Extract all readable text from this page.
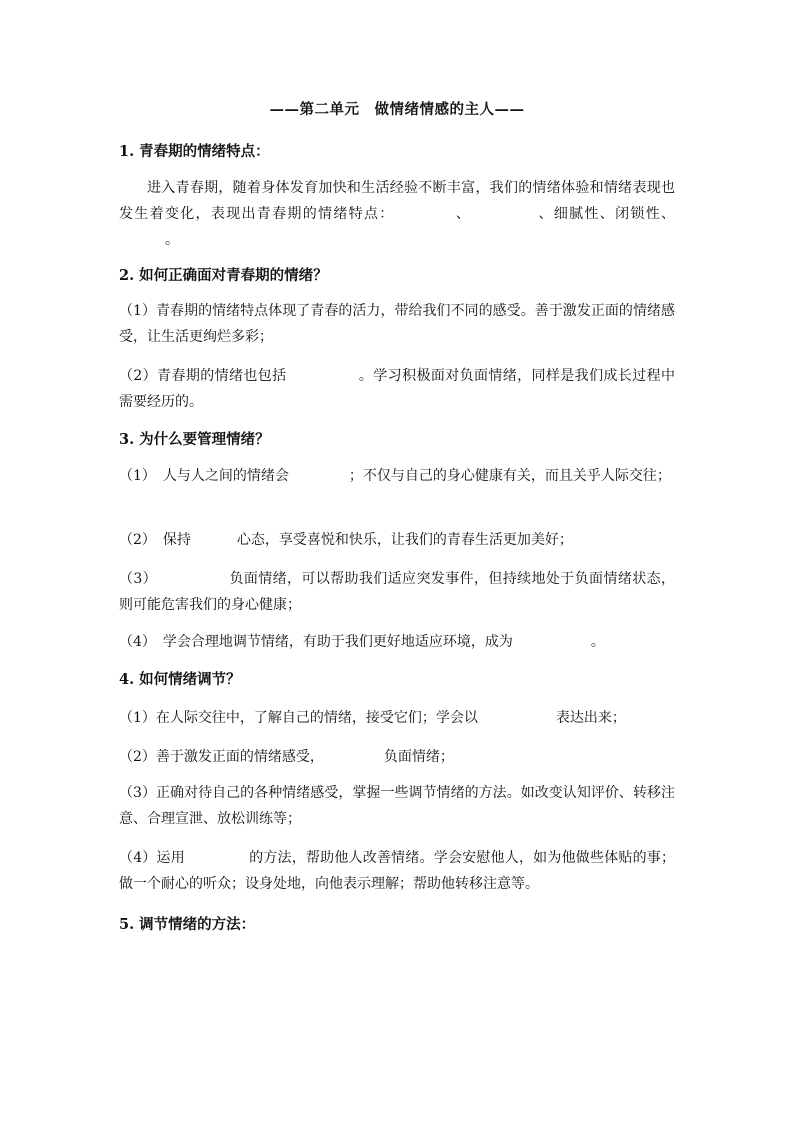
——第二单元　做情绪情感的主人——
1. 青春期的情绪特点：
进入青春期，随着身体发育加快和生活经验不断丰富，我们的情绪体验和情绪表现也发生着变化，表现出青春期的情绪特点：	、	、细腻性、闭锁性、。
2. 如何正确面对青春期的情绪？
（1）青春期的情绪特点体现了青春的活力，带给我们不同的感受。善于激发正面的情绪感受，让生活更绚烂多彩；
（2）青春期的情绪也包括	。学习积极面对负面情绪，同样是我们成长过程中需要经历的。
3. 为什么要管理情绪？
（1）　人与人之间的情绪会	；不仅与自己的身心健康有关，而且关乎人际交往；
（2）　保持	心态，享受喜悦和快乐，让我们的青春生活更加美好；
（3）	负面情绪，可以帮助我们适应突发事件，但持续地处于负面情绪状态，则可能危害我们的身心健康；
（4）　学会合理地调节情绪，有助于我们更好地适应环境，成为	。
4. 如何情绪调节？
（1）在人际交往中，了解自己的情绪，接受它们；学会以	表达出来；
（2）善于激发正面的情绪感受，	负面情绪；
（3）正确对待自己的各种情绪感受，掌握一些调节情绪的方法。如改变认知评价、转移注意、合理宣泄、放松训练等；
（4）运用	的方法，帮助他人改善情绪。学会安慰他人，如为他做些体贴的事；做一个耐心的听众；设身处地，向他表示理解；帮助他转移注意等。
5. 调节情绪的方法：
